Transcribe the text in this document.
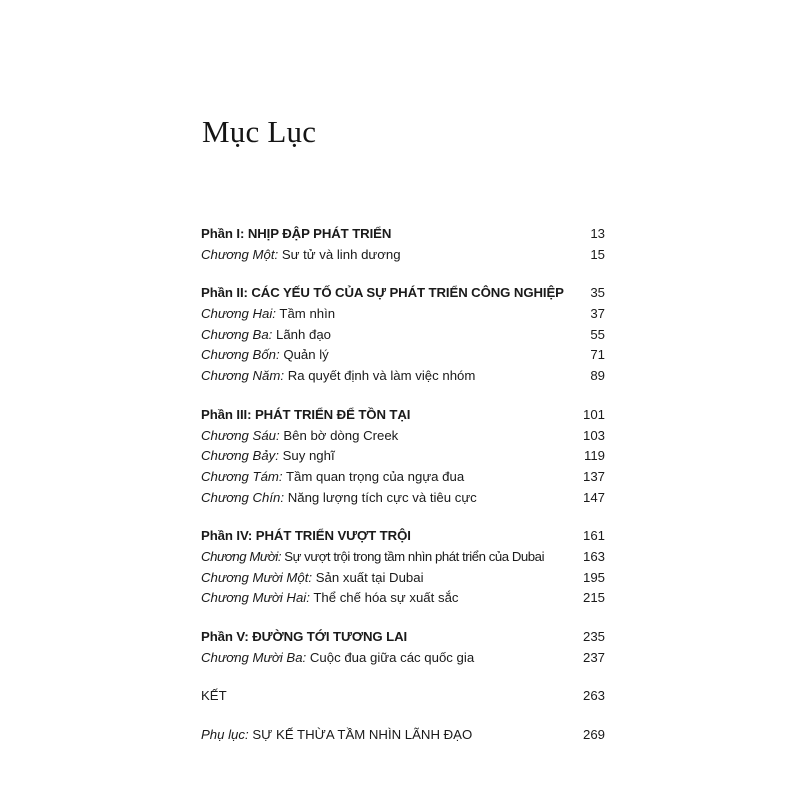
Mục Lục
Phần I: NHỊP ĐẬP PHÁT TRIỂN	13
Chương Một: Sư tử và linh dương	15
Phần II: CÁC YẾU TỐ CỦA SỰ PHÁT TRIỂN CÔNG NGHIỆP	35
Chương Hai: Tầm nhìn	37
Chương Ba: Lãnh đạo	55
Chương Bốn: Quản lý	71
Chương Năm: Ra quyết định và làm việc nhóm	89
Phần III: PHÁT TRIỂN ĐỂ TỒN TẠI	101
Chương Sáu: Bên bờ dòng Creek	103
Chương Bảy: Suy nghĩ	119
Chương Tám: Tầm quan trọng của ngựa đua	137
Chương Chín: Năng lượng tích cực và tiêu cực	147
Phần IV: PHÁT TRIỂN VƯỢT TRỘI	161
Chương Mười: Sự vượt trội trong tầm nhìn phát triển của Dubai	163
Chương Mười Một: Sản xuất tại Dubai	195
Chương Mười Hai: Thể chế hóa sự xuất sắc	215
Phần V: ĐƯỜNG TỚI TƯƠNG LAI	235
Chương Mười Ba: Cuộc đua giữa các quốc gia	237
KẾT	263
Phụ lục: SỰ KẾ THỪA TẦM NHÌN LÃNH ĐẠO	269
